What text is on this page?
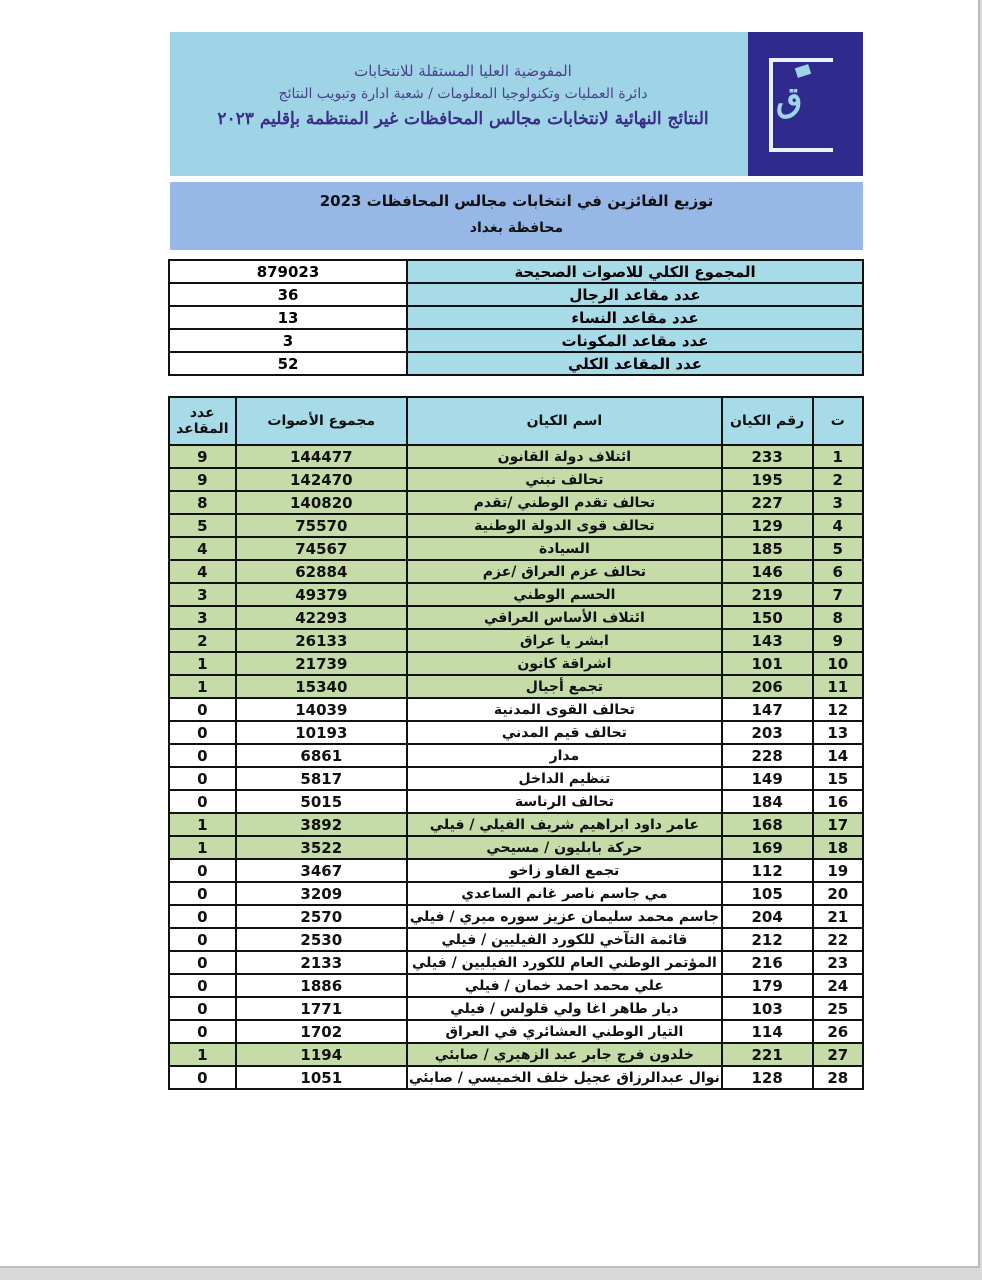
المفوضية العليا المستقلة للانتخابات
دائرة العمليات وتكنولوجيا المعلومات / شعبة ادارة وتبويب النتائج
النتائج النهائية لانتخابات مجالس المحافظات غير المنتظمة بإقليم ٢٠٢٣	ﻕ
توزيع الفائزين في انتخابات مجالس المحافظات 2023
محافظة بغداد
879023	المجموع الكلي للاصوات الصحيحة
36	عدد مقاعد الرجال
13	عدد مقاعد النساء
3	عدد مقاعد المكونات
52	عدد المقاعد الكلي
عدد المقاعد	مجموع الأصوات	اسم الكيان	رقم الكيان	ت
9	144477	ائتلاف دولة القانون	233	1
9	142470	تحالف نبني	195	2
8	140820	تحالف تقدم الوطني /تقدم	227	3
5	75570	تحالف قوى الدولة الوطنية	129	4
4	74567	السيادة	185	5
4	62884	تحالف عزم العراق /عزم	146	6
3	49379	الحسم الوطني	219	7
3	42293	ائتلاف الأساس العراقي	150	8
2	26133	ابشر يا عراق	143	9
1	21739	اشراقة كانون	101	10
1	15340	تجمع أجيال	206	11
0	14039	تحالف القوى المدنية	147	12
0	10193	تحالف قيم المدني	203	13
0	6861	مدار	228	14
0	5817	تنظيم الداخل	149	15
0	5015	تحالف الرناسة	184	16
1	3892	عامر داود ابراهيم شريف الفيلي / فيلي	168	17
1	3522	حركة بابليون / مسيحي	169	18
0	3467	تجمع الفاو زاخو	112	19
0	3209	مي جاسم ناصر غانم الساعدي	105	20
0	2570	جاسم محمد سليمان عزيز سوره ميري / فيلي	204	21
0	2530	قائمة التآخي للكورد الفيليين / فيلي	212	22
0	2133	المؤتمر الوطني العام للكورد الفيليين / فيلي	216	23
0	1886	علي محمد احمد خمان / فيلي	179	24
0	1771	ديار طاهر اغا ولي قلولس / فيلي	103	25
0	1702	التيار الوطني العشائري في العراق	114	26
1	1194	خلدون فرج جابر عبد الزهيري / صابئي	221	27
0	1051	نوال عبدالرزاق عجيل خلف الخميسي / صابئي	128	28
